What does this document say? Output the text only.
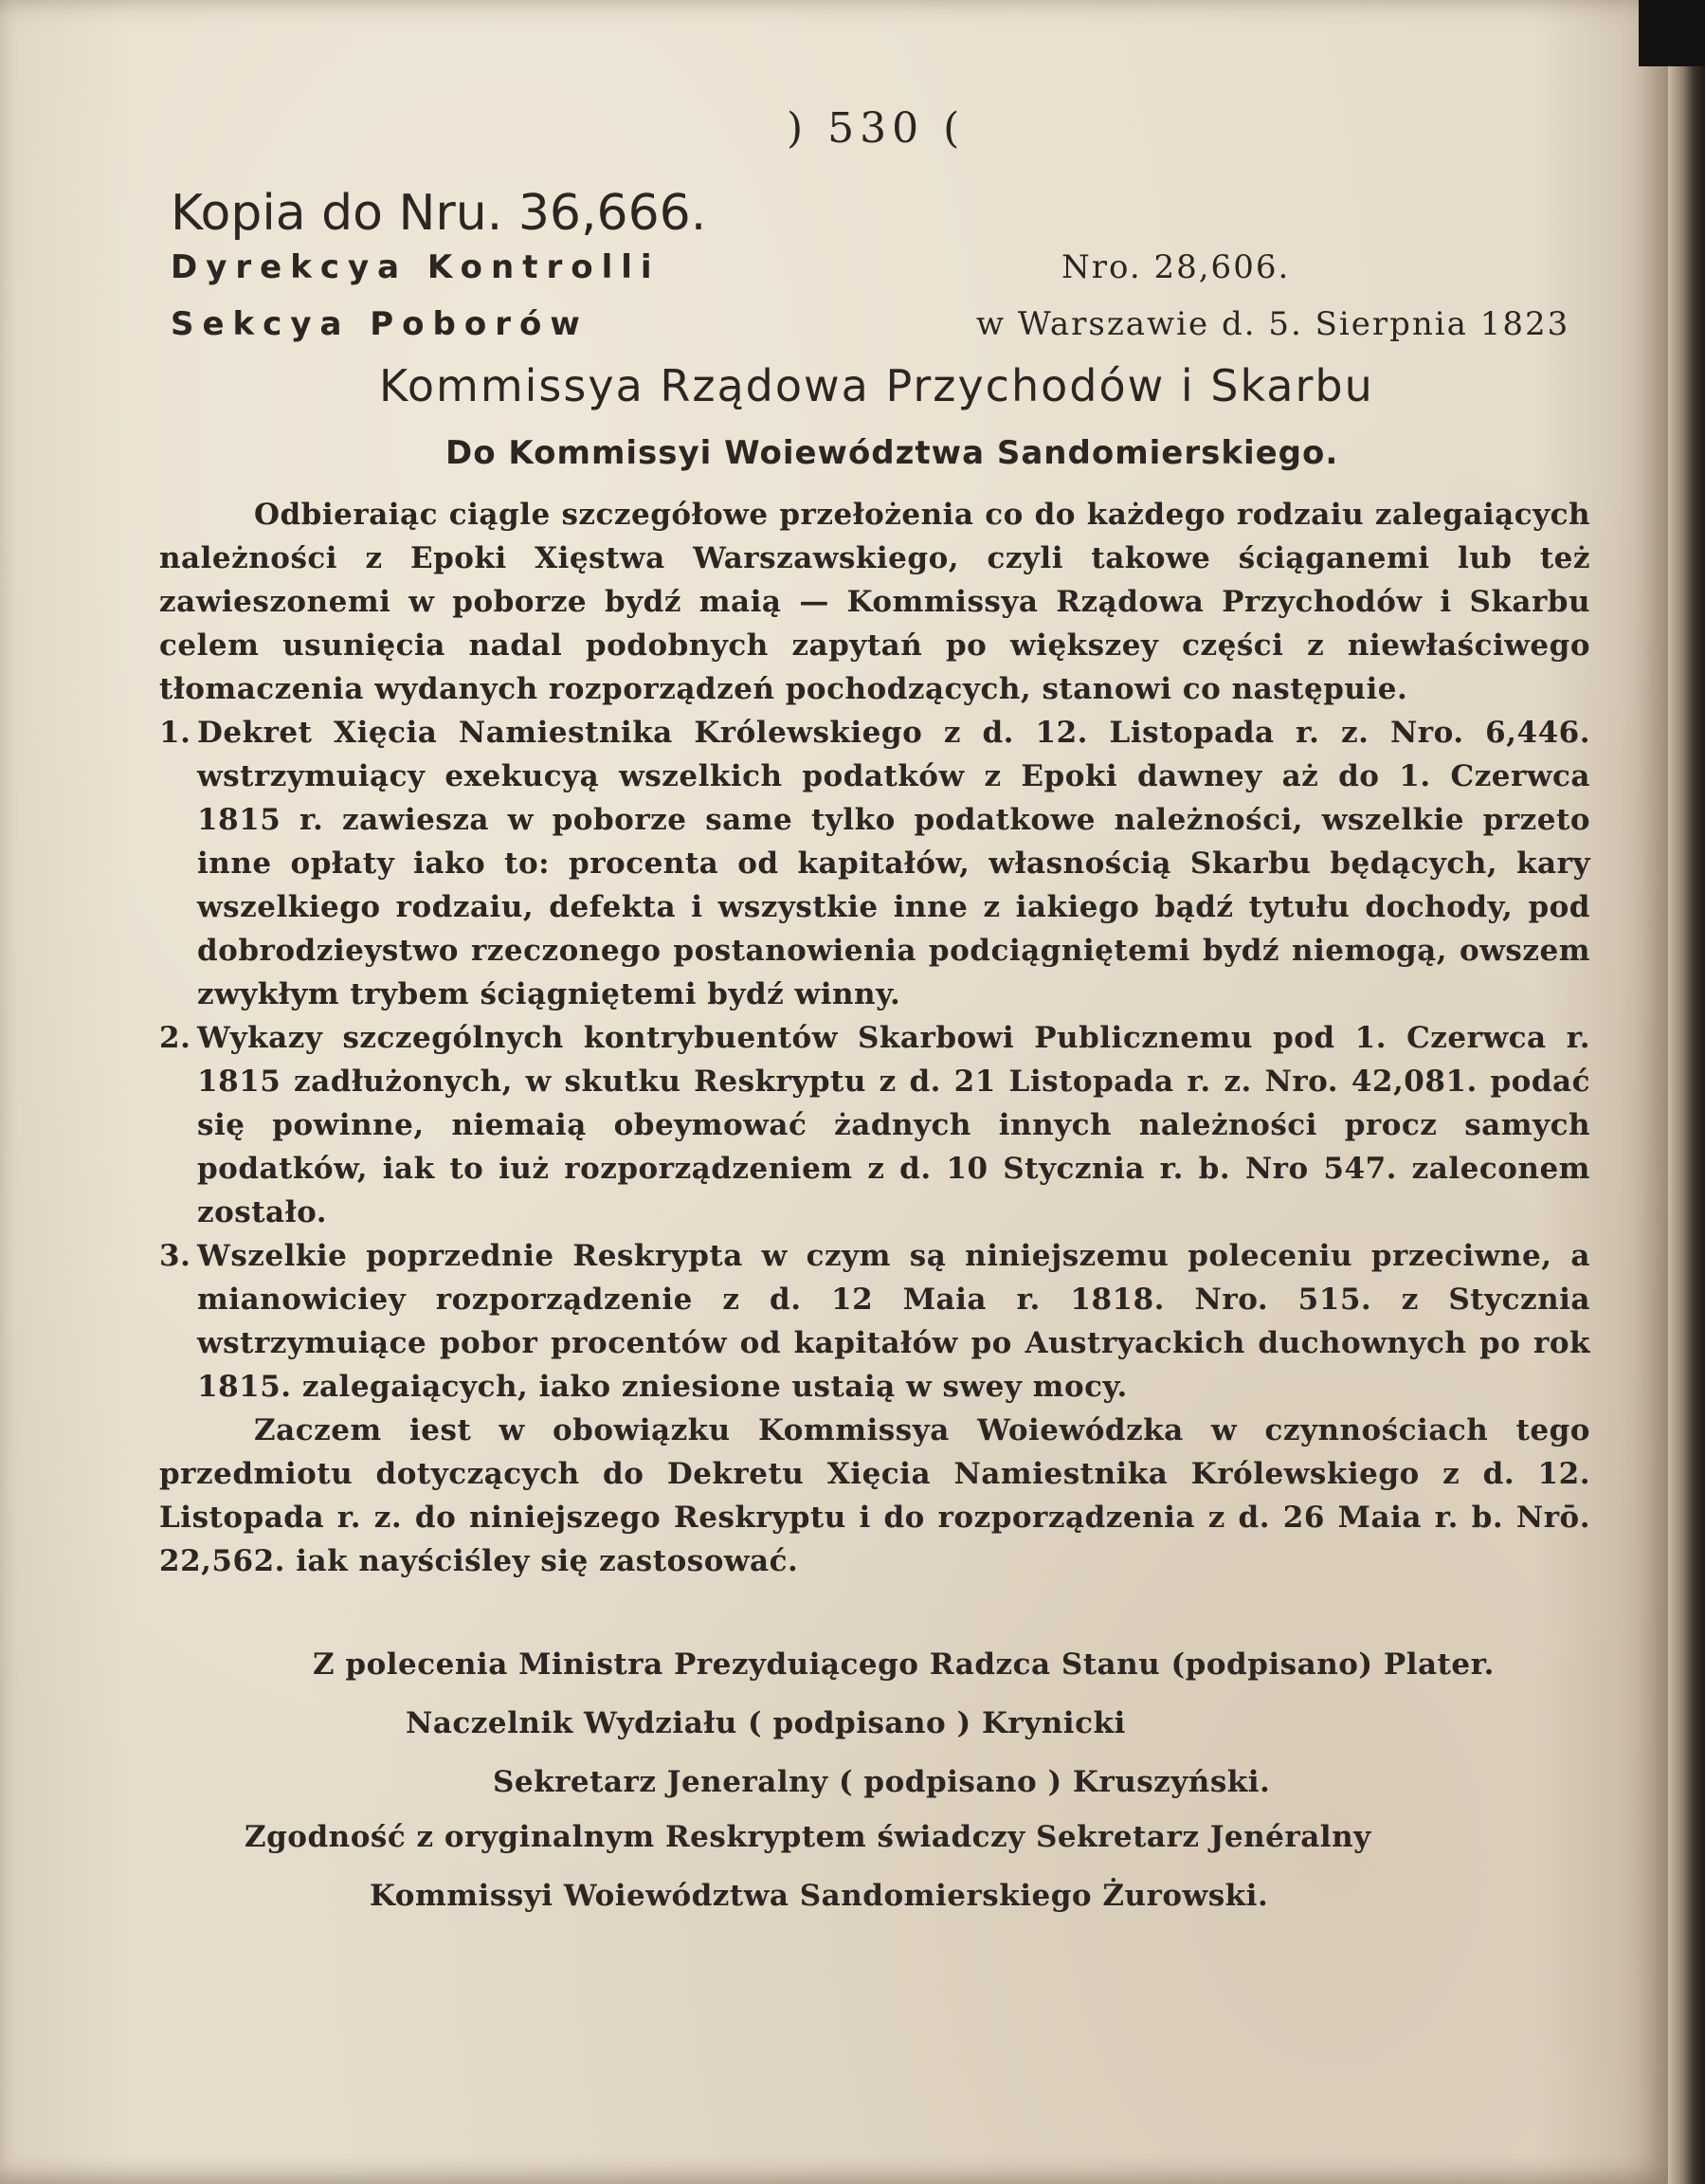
) 530 (
Kopia do Nru. 36,666.
Dyrekcya Kontrolli
Sekcya Poborów
Nro. 28,606.
w Warszawie d. 5. Sierpnia 1823
Kommissya Rządowa Przychodów i Skarbu
Do Kommissyi Woiewództwa Sandomierskiego.

Odbieraiąc ciągle szczegółowe przełożenia co do każdego rodzaiu zalegaiących należności z Epoki Xięstwa Warszawskiego, czyli takowe ściąganemi lub też zawieszonemi w poborze bydź maią — Kommissya Rządowa Przychodów i Skarbu celem usunięcia nadal podobnych zapytań po większey części z niewłaściwego tłomaczenia wydanych rozporządzeń pochodzących, stanowi co następuie.

1. Dekret Xięcia Namiestnika Królewskiego z d. 12. Listopada r. z. Nro. 6,446. wstrzymuiący exekucyą wszelkich podatków z Epoki dawney aż do 1. Czerwca 1815 r. zawiesza w poborze same tylko podatkowe należności, wszelkie przeto inne opłaty iako to: procenta od kapitałów, własnością Skarbu będących, kary wszelkiego rodzaiu, defekta i wszystkie inne z iakiego bądź tytułu dochody, pod dobrodzieystwo rzeczonego postanowienia podciągniętemi bydź niemogą, owszem zwykłym trybem ściągniętemi bydź winny.
2. Wykazy szczególnych kontrybuentów Skarbowi Publicznemu pod 1. Czerwca r. 1815 zadłużonych, w skutku Reskryptu z d. 21 Listopada r. z. Nro. 42,081. podać się powinne, niemaią obeymować żadnych innych należności procz samych podatków, iak to iuż rozporządzeniem z d. 10 Stycznia r. b. Nro 547. zaleconem zostało.
3. Wszelkie poprzednie Reskrypta w czym są niniejszemu poleceniu przeciwne, a mianowiciey rozporządzenie z d. 12 Maia r. 1818. Nro. 515. z Stycznia wstrzymuiące pobor procentów od kapitałów po Austryackich duchownych po rok 1815. zalegaiących, iako zniesione ustaią w swey mocy.

Zaczem iest w obowiązku Kommissya Woiewódzka w czynnościach tego przedmiotu dotyczących do Dekretu Xięcia Namiestnika Królewskiego z d. 12. Listopada r. z. do niniejszego Reskryptu i do rozporządzenia z d. 26 Maia r. b. Nrō. 22,562. iak nayściśley się zastosować.

Z polecenia Ministra Prezyduiącego Radzca Stanu (podpisano) Plater.
Naczelnik Wydziału ( podpisano ) Krynicki
Sekretarz Jeneralny ( podpisano ) Kruszyński.
Zgodność z oryginalnym Reskryptem świadczy Sekretarz Jenéralny
Kommissyi Woiewództwa Sandomierskiego Żurowski.
